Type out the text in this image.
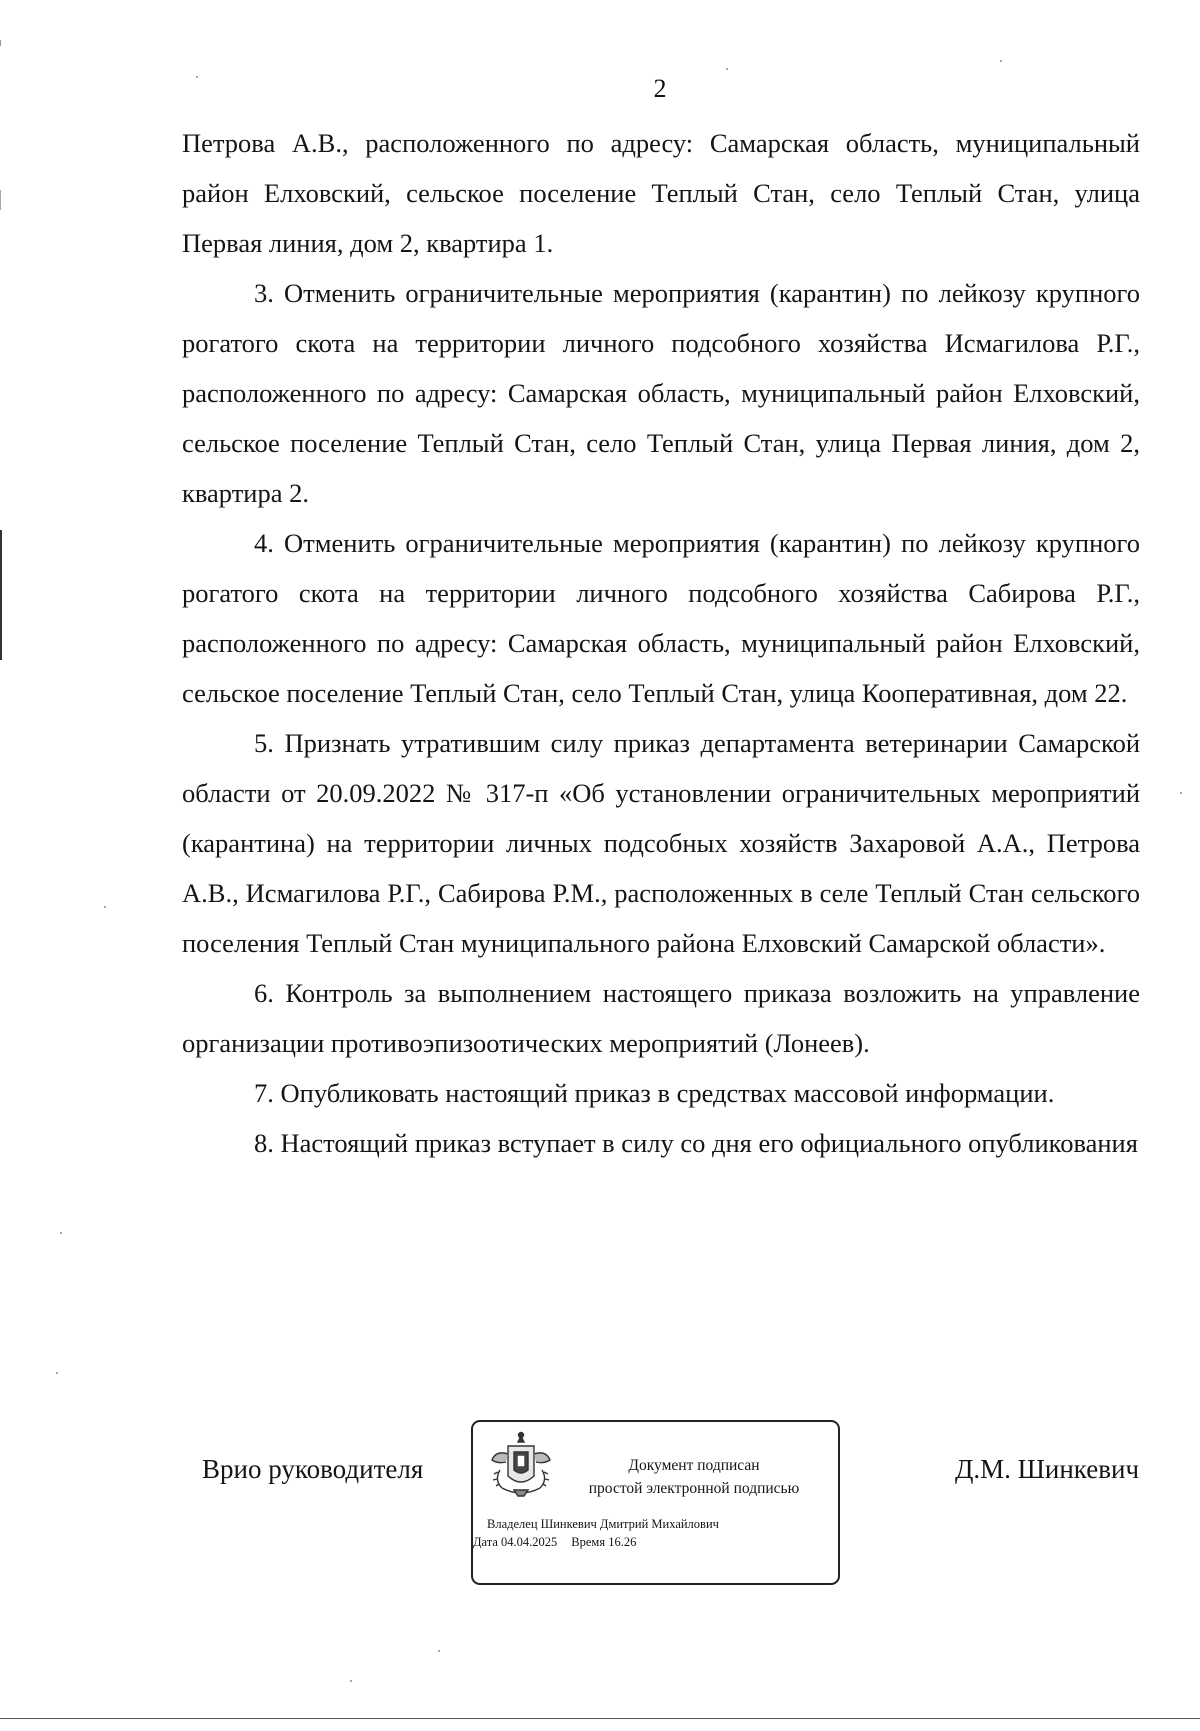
2

Петрова А.В., расположенного по адресу: Самарская область, муниципальный район Елховский, сельское поселение Теплый Стан, село Теплый Стан, улица Первая линия, дом 2, квартира 1.

3. Отменить ограничительные мероприятия (карантин) по лейкозу крупного рогатого скота на территории личного подсобного хозяйства Исмагилова Р.Г., расположенного по адресу: Самарская область, муниципальный район Елховский, сельское поселение Теплый Стан, село Теплый Стан, улица Первая линия, дом 2, квартира 2.

4. Отменить ограничительные мероприятия (карантин) по лейкозу крупного рогатого скота на территории личного подсобного хозяйства Сабирова Р.Г., расположенного по адресу: Самарская область, муниципальный район Елховский, сельское поселение Теплый Стан, село Теплый Стан, улица Кооперативная, дом 22.

5. Признать утратившим силу приказ департамента ветеринарии Самарской области от 20.09.2022 № 317-п «Об установлении ограничительных мероприятий (карантина) на территории личных подсобных хозяйств Захаровой А.А., Петрова А.В., Исмагилова Р.Г., Сабирова Р.М., расположенных в селе Теплый Стан сельского поселения Теплый Стан муниципального района Елховский Самарской области».

6. Контроль за выполнением настоящего приказа возложить на управление организации противоэпизоотических мероприятий (Лонеев).

7. Опубликовать настоящий приказ в средствах массовой информации.

8. Настоящий приказ вступает в силу со дня его официального опубликования

Врио руководителя	Документ подписан
простой электронной подписью
Владелец Шинкевич Дмитрий Михайлович
Дата 04.04.2025 Время 16.26
Д.М. Шинкевич
